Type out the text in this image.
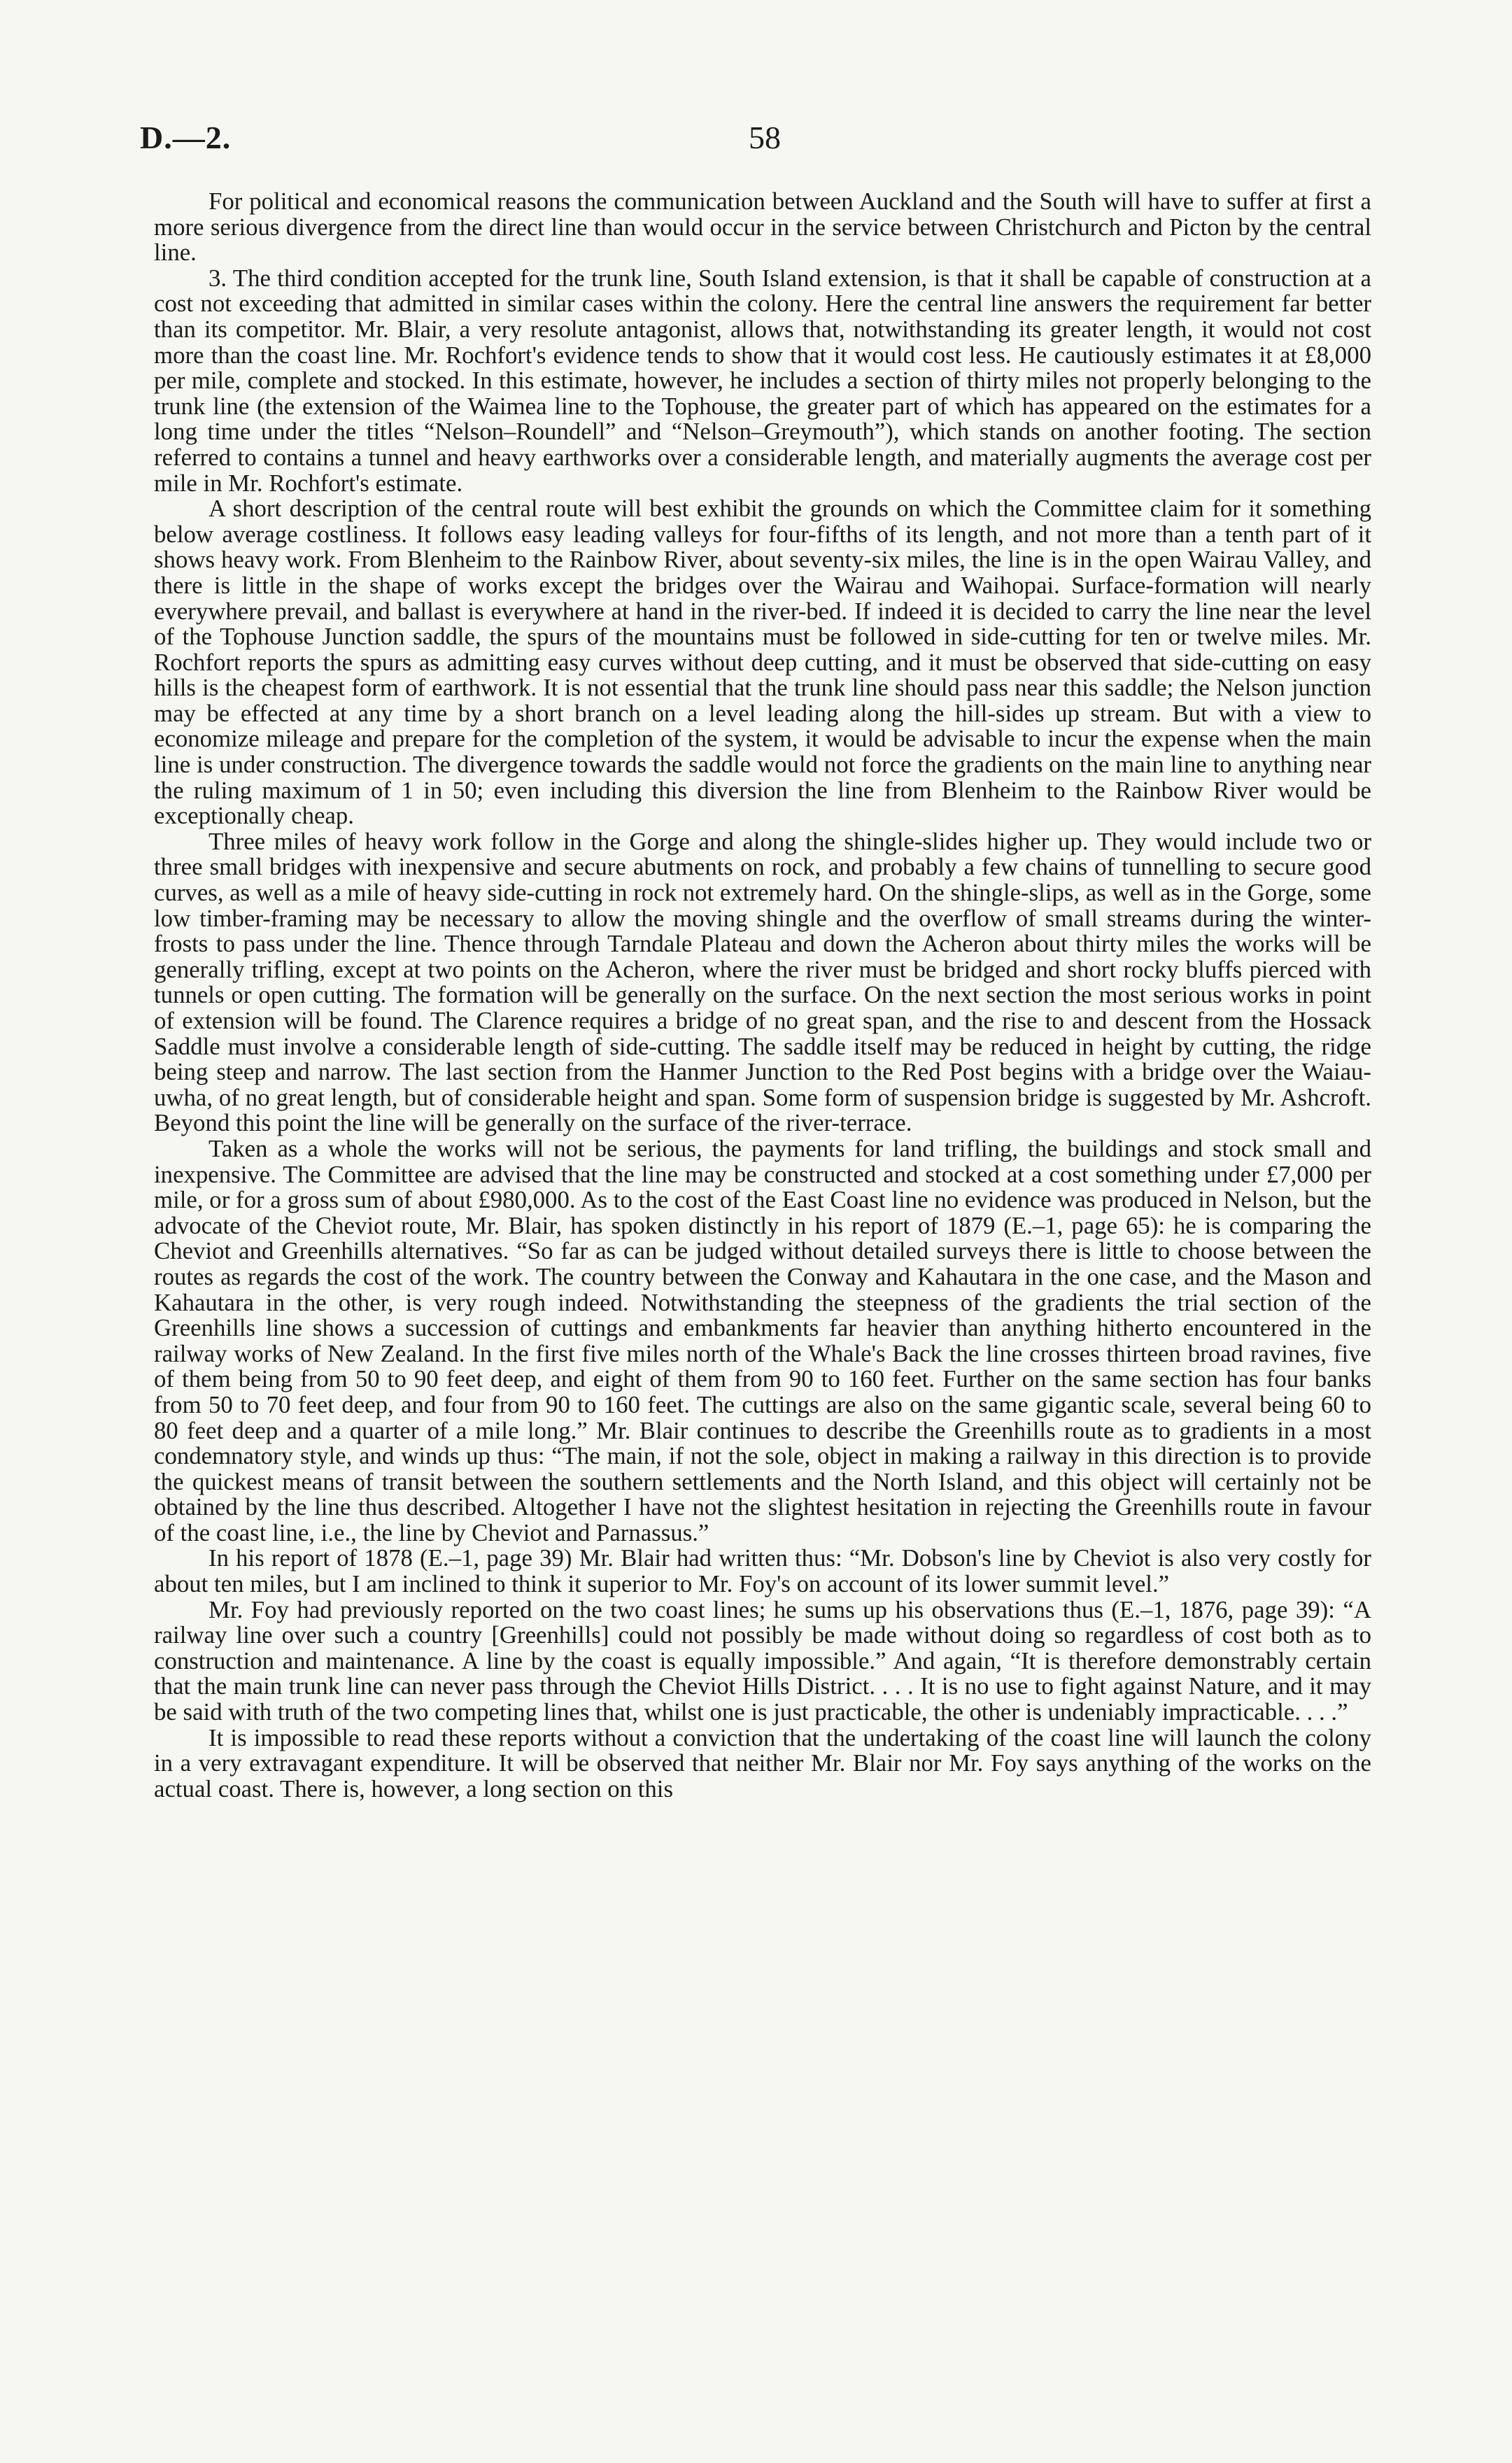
D.—2.	58

For political and economical reasons the communication between Auckland and the South will have to suffer at first a more serious divergence from the direct line than would occur in the service between Christchurch and Picton by the central line.

3. The third condition accepted for the trunk line, South Island extension, is that it shall be capable of construction at a cost not exceeding that admitted in similar cases within the colony. Here the central line answers the requirement far better than its competitor. Mr. Blair, a very resolute antagonist, allows that, notwithstanding its greater length, it would not cost more than the coast line. Mr. Rochfort's evidence tends to show that it would cost less. He cautiously estimates it at £8,000 per mile, complete and stocked. In this estimate, however, he includes a section of thirty miles not properly belonging to the trunk line (the extension of the Waimea line to the Tophouse, the greater part of which has appeared on the estimates for a long time under the titles “Nelson–Roundell” and “Nelson–Greymouth”), which stands on another footing. The section referred to contains a tunnel and heavy earthworks over a considerable length, and materially augments the average cost per mile in Mr. Rochfort's estimate.

A short description of the central route will best exhibit the grounds on which the Committee claim for it something below average costliness. It follows easy leading valleys for four-fifths of its length, and not more than a tenth part of it shows heavy work. From Blenheim to the Rainbow River, about seventy-six miles, the line is in the open Wairau Valley, and there is little in the shape of works except the bridges over the Wairau and Waihopai. Surface-formation will nearly everywhere prevail, and ballast is everywhere at hand in the river-bed. If indeed it is decided to carry the line near the level of the Tophouse Junction saddle, the spurs of the mountains must be followed in side-cutting for ten or twelve miles. Mr. Rochfort reports the spurs as admitting easy curves without deep cutting, and it must be observed that side-cutting on easy hills is the cheapest form of earthwork. It is not essential that the trunk line should pass near this saddle; the Nelson junction may be effected at any time by a short branch on a level leading along the hill-sides up stream. But with a view to economize mileage and prepare for the completion of the system, it would be advisable to incur the expense when the main line is under construction. The divergence towards the saddle would not force the gradients on the main line to anything near the ruling maximum of 1 in 50; even including this diversion the line from Blenheim to the Rainbow River would be exceptionally cheap.

Three miles of heavy work follow in the Gorge and along the shingle-slides higher up. They would include two or three small bridges with inexpensive and secure abutments on rock, and probably a few chains of tunnelling to secure good curves, as well as a mile of heavy side-cutting in rock not extremely hard. On the shingle-slips, as well as in the Gorge, some low timber-framing may be necessary to allow the moving shingle and the overflow of small streams during the winter-frosts to pass under the line. Thence through Tarndale Plateau and down the Acheron about thirty miles the works will be generally trifling, except at two points on the Acheron, where the river must be bridged and short rocky bluffs pierced with tunnels or open cutting. The formation will be generally on the surface. On the next section the most serious works in point of extension will be found. The Clarence requires a bridge of no great span, and the rise to and descent from the Hossack Saddle must involve a considerable length of side-cutting. The saddle itself may be reduced in height by cutting, the ridge being steep and narrow. The last section from the Hanmer Junction to the Red Post begins with a bridge over the Waiau-uwha, of no great length, but of considerable height and span. Some form of suspension bridge is suggested by Mr. Ashcroft. Beyond this point the line will be generally on the surface of the river-terrace.

Taken as a whole the works will not be serious, the payments for land trifling, the buildings and stock small and inexpensive. The Committee are advised that the line may be constructed and stocked at a cost something under £7,000 per mile, or for a gross sum of about £980,000. As to the cost of the East Coast line no evidence was produced in Nelson, but the advocate of the Cheviot route, Mr. Blair, has spoken distinctly in his report of 1879 (E.–1, page 65): he is comparing the Cheviot and Greenhills alternatives. “So far as can be judged without detailed surveys there is little to choose between the routes as regards the cost of the work. The country between the Conway and Kahautara in the one case, and the Mason and Kahautara in the other, is very rough indeed. Notwithstanding the steepness of the gradients the trial section of the Greenhills line shows a succession of cuttings and embankments far heavier than anything hitherto encountered in the railway works of New Zealand. In the first five miles north of the Whale's Back the line crosses thirteen broad ravines, five of them being from 50 to 90 feet deep, and eight of them from 90 to 160 feet. Further on the same section has four banks from 50 to 70 feet deep, and four from 90 to 160 feet. The cuttings are also on the same gigantic scale, several being 60 to 80 feet deep and a quarter of a mile long.” Mr. Blair continues to describe the Greenhills route as to gradients in a most condemnatory style, and winds up thus: “The main, if not the sole, object in making a railway in this direction is to provide the quickest means of transit between the southern settlements and the North Island, and this object will certainly not be obtained by the line thus described. Altogether I have not the slightest hesitation in rejecting the Greenhills route in favour of the coast line, i.e., the line by Cheviot and Parnassus.”

In his report of 1878 (E.–1, page 39) Mr. Blair had written thus: “Mr. Dobson's line by Cheviot is also very costly for about ten miles, but I am inclined to think it superior to Mr. Foy's on account of its lower summit level.”

Mr. Foy had previously reported on the two coast lines; he sums up his observations thus (E.–1, 1876, page 39): “A railway line over such a country [Greenhills] could not possibly be made without doing so regardless of cost both as to construction and maintenance. A line by the coast is equally impossible.” And again, “It is therefore demonstrably certain that the main trunk line can never pass through the Cheviot Hills District. . . . It is no use to fight against Nature, and it may be said with truth of the two competing lines that, whilst one is just practicable, the other is undeniably impracticable. . . .”

It is impossible to read these reports without a conviction that the undertaking of the coast line will launch the colony in a very extravagant expenditure. It will be observed that neither Mr. Blair nor Mr. Foy says anything of the works on the actual coast. There is, however, a long section on this
